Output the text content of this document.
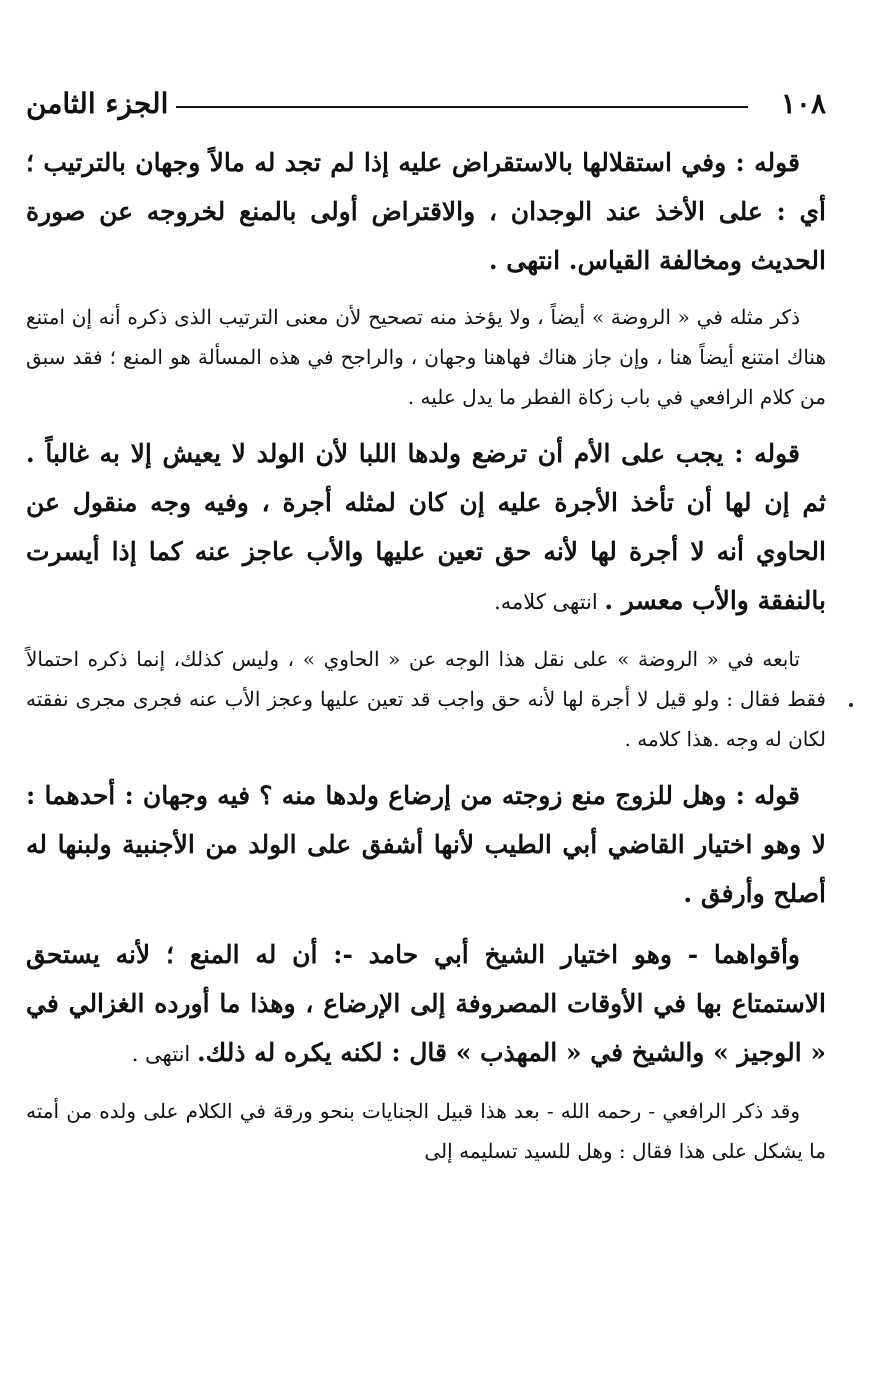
١٠٨
الجزء الثامن

قوله : وفي استقلالها بالاستقراض عليه إذا لم تجد له مالاً وجهان بالترتيب ؛ أي : على الأخذ عند الوجدان ، والاقتراض أولى بالمنع لخروجه عن صورة الحديث ومخالفة القياس. انتهى .

ذكر مثله في « الروضة » أيضاً ، ولا يؤخذ منه تصحيح لأن معنى الترتيب الذى ذكره أنه إن امتنع هناك امتنع أيضاً هنا ، وإن جاز هناك فهاهنا وجهان ، والراجح في هذه المسألة هو المنع ؛ فقد سبق من كلام الرافعي في باب زكاة الفطر ما يدل عليه .

قوله : يجب على الأم أن ترضع ولدها اللبا لأن الولد لا يعيش إلا به غالباً . ثم إن لها أن تأخذ الأجرة عليه إن كان لمثله أجرة ، وفيه وجه منقول عن الحاوي أنه لا أجرة لها لأنه حق تعين عليها والأب عاجز عنه كما إذا أيسرت بالنفقة والأب معسر . انتهى كلامه.

تابعه في « الروضة » على نقل هذا الوجه عن « الحاوي » ، وليس كذلك، إنما ذكره احتمالاً فقط فقال : ولو قيل لا أجرة لها لأنه حق واجب قد تعين عليها وعجز الأب عنه فجرى مجرى نفقته لكان له وجه .هذا كلامه .

قوله : وهل للزوج منع زوجته من إرضاع ولدها منه ؟ فيه وجهان : أحدهما : لا وهو اختيار القاضي أبي الطيب لأنها أشفق على الولد من الأجنبية ولبنها له أصلح وأرفق .

وأقواهما - وهو اختيار الشيخ أبي حامد -: أن له المنع ؛ لأنه يستحق الاستمتاع بها في الأوقات المصروفة إلى الإرضاع ، وهذا ما أورده الغزالي في « الوجيز » والشيخ في « المهذب » قال : لكنه يكره له ذلك. انتهى .

وقد ذكر الرافعي - رحمه الله - بعد هذا قبيل الجنايات بنحو ورقة في الكلام على ولده من أمته ما يشكل على هذا فقال : وهل للسيد تسليمه إلى
